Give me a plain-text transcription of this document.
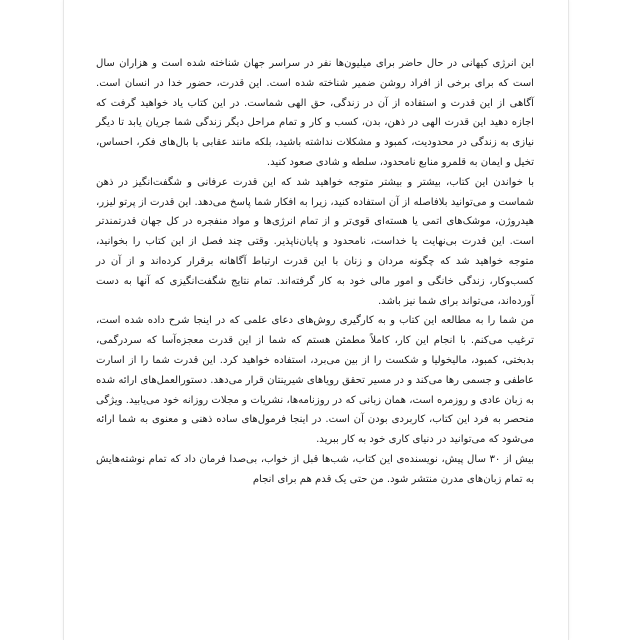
این انرژی کیهانی در حال حاضر برای میلیون‌ها نفر در سراسر جهان شناخته شده است و هزاران سال است که برای برخی از افراد روشن ضمیر شناخته شده است. این قدرت، حضور خدا در انسان است. آگاهی از این قدرت و استفاده از آن در زندگی، حق الهی شماست. در این کتاب یاد خواهید گرفت که اجازه دهید این قدرت الهی در ذهن، بدن، کسب و کار و تمام مراحل دیگر زندگی شما جریان یابد تا دیگر نیازی به زندگی در محدودیت، کمبود و مشکلات نداشته باشید، بلکه مانند عقابی با بال‌های فکر، احساس، تخیل و ایمان به قلمرو منابع نامحدود، سلطه و شادی صعود کنید.

با خواندن این کتاب، بیشتر و بیشتر متوجه خواهید شد که این قدرت عرفانی و شگفت‌انگیز در ذهن شماست و می‌توانید بلافاصله از آن استفاده کنید، زیرا به افکار شما پاسخ می‌دهد. این قدرت از پرتو لیزر، هیدروژن، موشک‌های اتمی یا هسته‌ای قوی‌تر و از تمام انرژی‌ها و مواد منفجره در کل جهان قدرتمندتر است. این قدرت بی‌نهایت یا خداست، نامحدود و پایان‌ناپذیر. وقتی چند فصل از این کتاب را بخوانید، متوجه خواهید شد که چگونه مردان و زنان با این قدرت ارتباط آگاهانه برقرار کرده‌اند و از آن در کسب‌وکار، زندگی خانگی و امور مالی خود به کار گرفته‌اند. تمام نتایج شگفت‌انگیزی که آنها به دست آورده‌اند، می‌تواند برای شما نیز باشد.

من شما را به مطالعه این کتاب و به کارگیری روش‌های دعای علمی که در اینجا شرح داده شده است، ترغیب می‌کنم. با انجام این کار، کاملاً مطمئن هستم که شما از این قدرت معجزه‌آسا که سردرگمی، بدبختی، کمبود، مالیخولیا و شکست را از بین می‌برد، استفاده خواهید کرد. این قدرت شما را از اسارت عاطفی و جسمی رها می‌کند و در مسیر تحقق رویاهای شیرینتان قرار می‌دهد. دستورالعمل‌های ارائه شده به زبان عادی و روزمره است، همان زبانی که در روزنامه‌ها، نشریات و مجلات روزانه خود می‌یابید. ویژگی منحصر به فرد این کتاب، کاربردی بودن آن است. در اینجا فرمول‌های ساده ذهنی و معنوی به شما ارائه می‌شود که می‌توانید در دنیای کاری خود به کار ببرید.

بیش از ۳۰ سال پیش، نویسنده‌ی این کتاب، شب‌ها قبل از خواب، بی‌صدا فرمان داد که تمام نوشته‌هایش به تمام زبان‌های مدرن منتشر شود. من حتی یک قدم هم برای انجام
